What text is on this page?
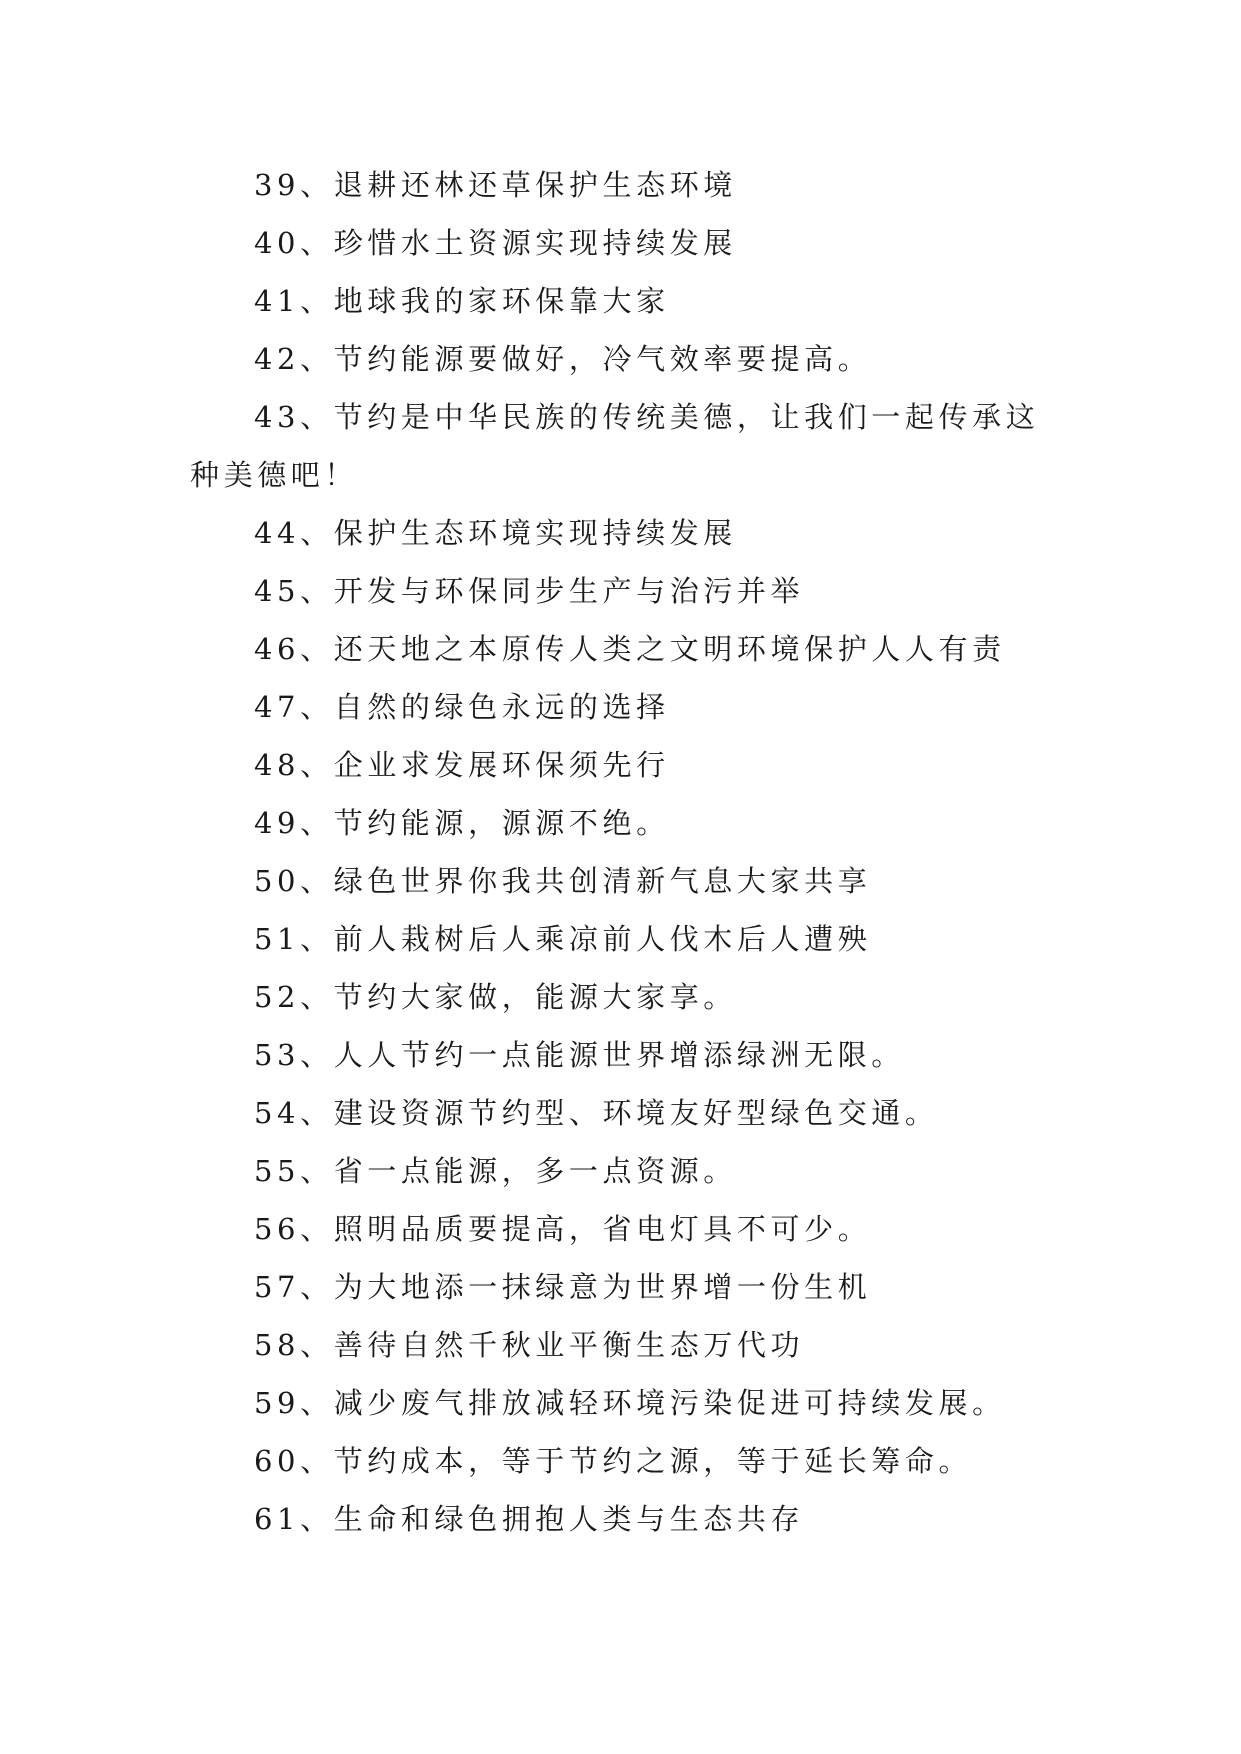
39、退耕还林还草保护生态环境

40、珍惜水土资源实现持续发展

41、地球我的家环保靠大家

42、节约能源要做好，冷气效率要提高。

43、节约是中华民族的传统美德，让我们一起传承这种美德吧！

44、保护生态环境实现持续发展

45、开发与环保同步生产与治污并举

46、还天地之本原传人类之文明环境保护人人有责

47、自然的绿色永远的选择

48、企业求发展环保须先行

49、节约能源，源源不绝。

50、绿色世界你我共创清新气息大家共享

51、前人栽树后人乘凉前人伐木后人遭殃

52、节约大家做，能源大家享。

53、人人节约一点能源世界增添绿洲无限。

54、建设资源节约型、环境友好型绿色交通。

55、省一点能源，多一点资源。

56、照明品质要提高，省电灯具不可少。

57、为大地添一抹绿意为世界增一份生机

58、善待自然千秋业平衡生态万代功

59、减少废气排放减轻环境污染促进可持续发展。

60、节约成本，等于节约之源，等于延长筹命。

61、生命和绿色拥抱人类与生态共存
